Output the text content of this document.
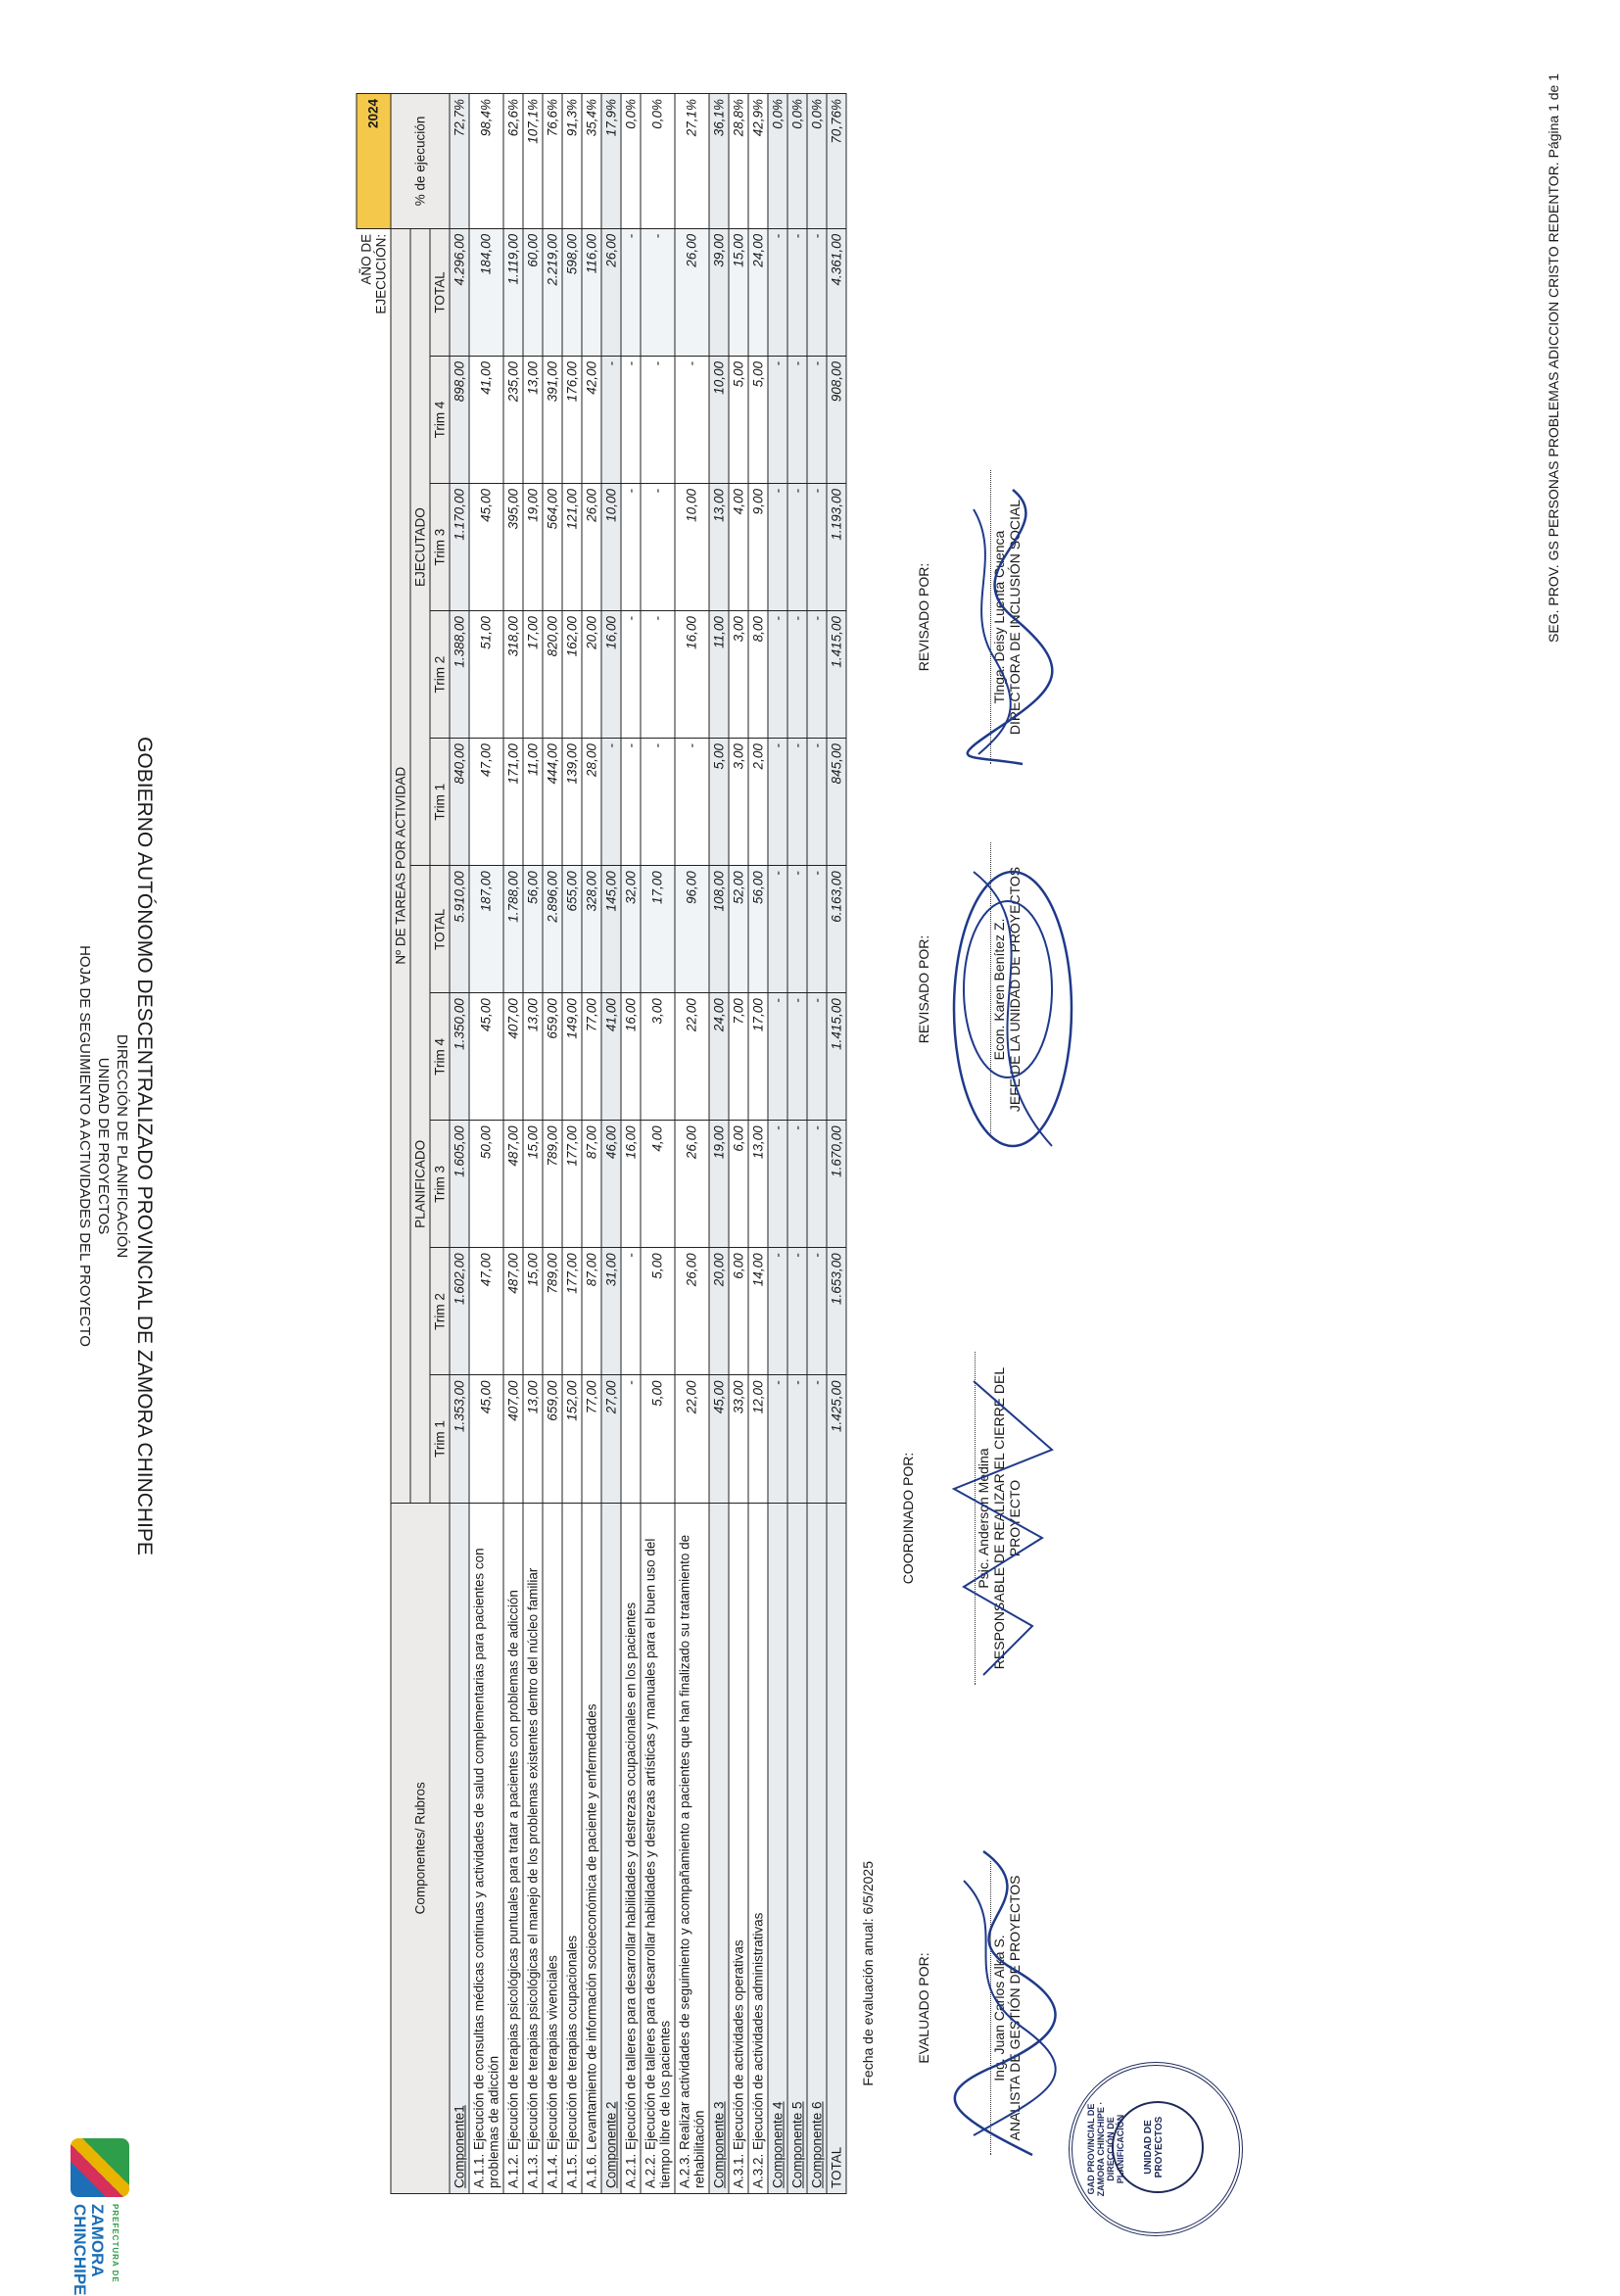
PREFECTURA DE
ZAMORA
CHINCHIPE
GOBIERNO AUTÓNOMO DESCENTRALIZADO PROVINCIAL DE ZAMORA CHINCHIPE
DIRECCIÓN DE PLANIFICACIÓN
UNIDAD DE PROYECTOS
HOJA DE SEGUIMIENTO A ACTIVIDADES DEL PROYECTO
										AÑO DE EJECUCIÓN:	2024
Componentes/ Rubros	Nº DE TAREAS POR ACTIVIDAD										% de ejecución
	PLANIFICADO					EJECUTADO					
	Trim 1	Trim 2	Trim 3	Trim 4	TOTAL	Trim 1	Trim 2	Trim 3	Trim 4	TOTAL	
Componente1	1.353,00	1.602,00	1.605,00	1.350,00	5.910,00	840,00	1.388,00	1.170,00	898,00	4.296,00	72,7%
A.1.1. Ejecución de consultas médicas continuas y actividades de salud complementarias para pacientes con problemas de adicción	45,00	47,00	50,00	45,00	187,00	47,00	51,00	45,00	41,00	184,00	98,4%
A.1.2. Ejecución de terapias psicológicas puntuales para tratar a pacientes con problemas de adicción	407,00	487,00	487,00	407,00	1.788,00	171,00	318,00	395,00	235,00	1.119,00	62,6%
A.1.3. Ejecución de terapias psicológicas el manejo de los problemas existentes dentro del núcleo familiar	13,00	15,00	15,00	13,00	56,00	11,00	17,00	19,00	13,00	60,00	107,1%
A.1.4. Ejecución de terapias vivenciales	659,00	789,00	789,00	659,00	2.896,00	444,00	820,00	564,00	391,00	2.219,00	76,6%
A.1.5. Ejecución de terapias ocupacionales	152,00	177,00	177,00	149,00	655,00	139,00	162,00	121,00	176,00	598,00	91,3%
A.1.6. Levantamiento de información socioeconómica de paciente y enfermedades	77,00	87,00	87,00	77,00	328,00	28,00	20,00	26,00	42,00	116,00	35,4%
Componente 2	27,00	31,00	46,00	41,00	145,00	-	16,00	10,00	-	26,00	17,9%
A.2.1. Ejecución de talleres para desarrollar habilidades y destrezas ocupacionales en los pacientes	-	-	16,00	16,00	32,00	-	-	-	-	-	0,0%
A.2.2. Ejecución de talleres para desarrollar habilidades y destrezas artísticas y manuales para el buen uso del tiempo libre de los pacientes	5,00	5,00	4,00	3,00	17,00	-	-	-	-	-	0,0%
A.2.3. Realizar actividades de seguimiento y acompañamiento a pacientes que han finalizado su tratamiento de rehabilitación	22,00	26,00	26,00	22,00	96,00	-	16,00	10,00	-	26,00	27,1%
Componente 3	45,00	20,00	19,00	24,00	108,00	5,00	11,00	13,00	10,00	39,00	36,1%
A.3.1. Ejecución de actividades operativas	33,00	6,00	6,00	7,00	52,00	3,00	3,00	4,00	5,00	15,00	28,8%
A.3.2. Ejecución de actividades administrativas	12,00	14,00	13,00	17,00	56,00	2,00	8,00	9,00	5,00	24,00	42,9%
Componente 4	-	-	-	-	-	-	-	-	-	-	0,0%
Componente 5	-	-	-	-	-	-	-	-	-	-	0,0%
Componente 6	-	-	-	-	-	-	-	-	-	-	0,0%
TOTAL	1.425,00	1.653,00	1.670,00	1.415,00	6.163,00	845,00	1.415,00	1.193,00	908,00	4.361,00	70,76%
Fecha de evaluación anual: 6/5/2025
EVALUADO POR:	Ing. Juan Carlos Alka S. ANALISTA DE GESTIÓN DE PROYECTOS
COORDINADO POR:	Psic. Anderson Medina RESPONSABLE DE REALIZAR EL CIERRE DEL PROYECTO
REVISADO POR:	Econ. Karen Benítez Z. JEFE DE LA UNIDAD DE PROYECTOS
REVISADO POR:	Tlnga. Deisy Luenta Cuenca DIRECTORA DE INCLUSIÓN SOCIAL
GAD PROVINCIAL DE ZAMORA CHINCHIPE · DIRECCIÓN DE PLANIFICACIÓN UNIDAD DE PROYECTOS
SEG. PROV. GS PERSONAS PROBLEMAS ADICCION CRISTO REDENTOR. Página 1 de 1
